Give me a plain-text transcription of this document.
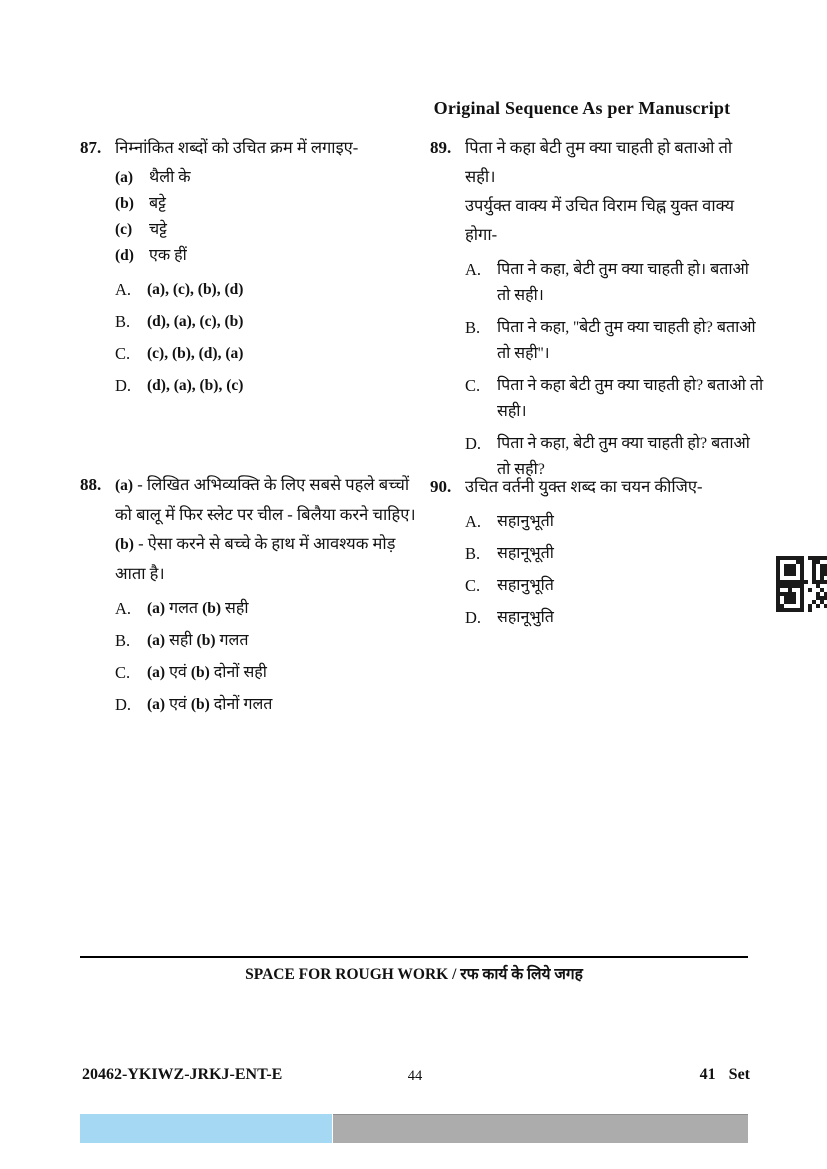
Original Sequence As per Manuscript
87. निम्नांकित शब्दों को उचित क्रम में लगाइए-
(a) थैली के
(b) बट्टे
(c)	चट्टे
(d) एक हीं
A.	(a), (c), (b), (d)
B.	(d), (a), (c), (b)
C.	(c), (b), (d), (a)
D.	(d), (a), (b), (c)
88. (a) - लिखित अभिव्यक्ति के लिए सबसे पहले बच्चों को बालू में फिर स्लेट पर चील - बिलैया करने चाहिए।
(b) - ऐसा करने से बच्चे के हाथ में आवश्यक मोड़ आता है।
A.	(a) गलत (b) सही
B.	(a) सही (b) गलत
C.	(a) एवं (b) दोनों सही
D.	(a) एवं (b) दोनों गलत
89. पिता ने कहा बेटी तुम क्या चाहती हो बताओ तो सही।
उपर्युक्त वाक्य में उचित विराम चिह्न युक्त वाक्य होगा-
A. पिता ने कहा, बेटी तुम क्या चाहती हो। बताओ तो सही।
B.	पिता ने कहा, ''बेटी तुम क्या चाहती हो? बताओ तो सही''।
C.	पिता ने कहा बेटी तुम क्या चाहती हो? बताओ तो सही।
D. पिता ने कहा, बेटी तुम क्या चाहती हो? बताओ तो सही?
90. उचित वर्तनी युक्त शब्द का चयन कीजिए-
A. सहानुभूती
B.	सहानूभूती
C.	सहानुभूति
D. सहानूभुति
SPACE FOR ROUGH WORK / रफ कार्य के लिये जगह
20462-YKIWZ-JRKJ-ENT-E	44	41 Set
